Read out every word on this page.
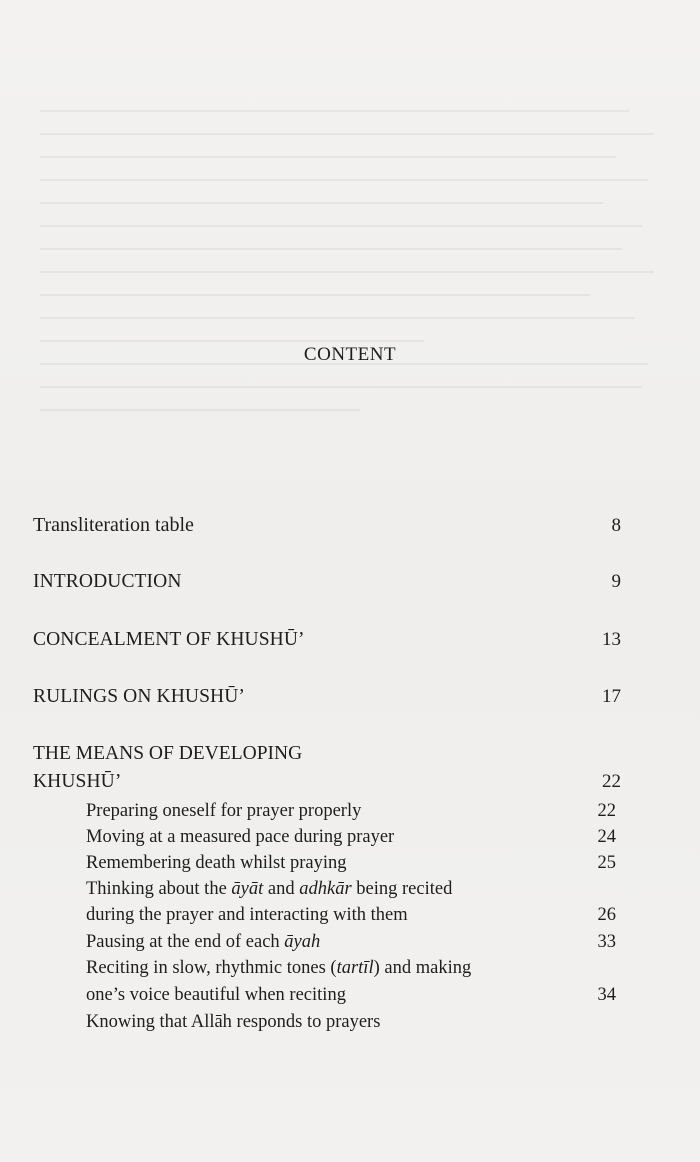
CONTENT
Transliteration table	8
INTRODUCTION	9
CONCEALMENT OF KHUSHŪ’	13
RULINGS ON KHUSHŪ’	17
THE MEANS OF DEVELOPING
KHUSHŪ’	22
Preparing oneself for prayer properly	22
Moving at a measured pace during prayer	24
Remembering death whilst praying	25
Thinking about the āyāt and adhkār being recited
during the prayer and interacting with them	26
Pausing at the end of each āyah	33
Reciting in slow, rhythmic tones (tartīl) and making
one’s voice beautiful when reciting	34
Knowing that Allāh responds to prayers
